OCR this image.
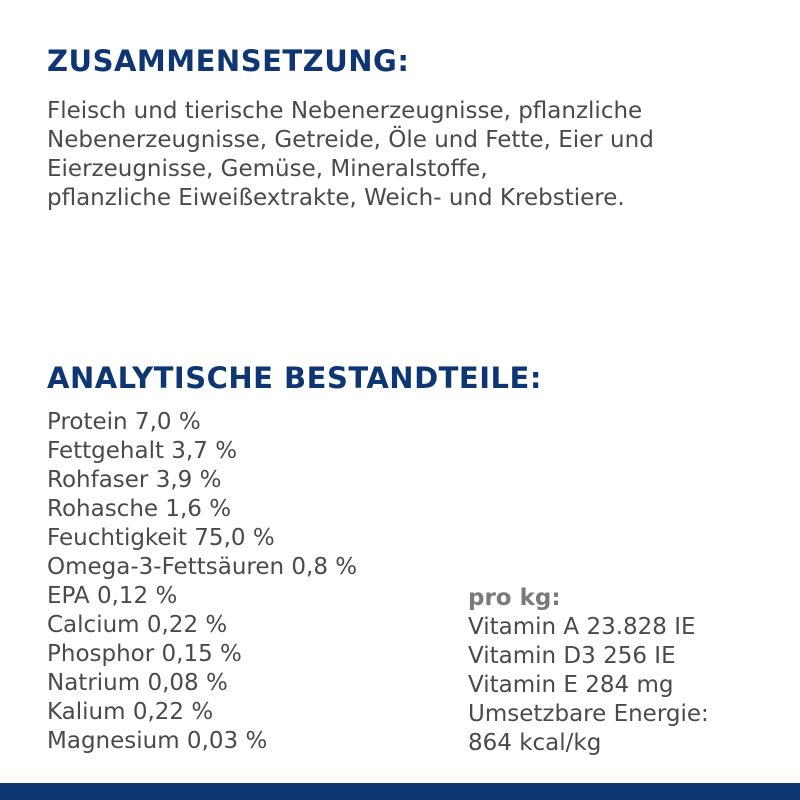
ZUSAMMENSETZUNG:
Fleisch und tierische Nebenerzeugnisse, pflanzliche
Nebenerzeugnisse, Getreide, Öle und Fette, Eier und
Eierzeugnisse, Gemüse, Mineralstoffe,
pflanzliche Eiweißextrakte, Weich- und Krebstiere.
ANALYTISCHE BESTANDTEILE:
Protein 7,0 %
Fettgehalt 3,7 %
Rohfaser 3,9 %
Rohasche 1,6 %
Feuchtigkeit 75,0 %
Omega-3-Fettsäuren 0,8 %
EPA 0,12 %
Calcium 0,22 %
Phosphor 0,15 %
Natrium 0,08 %
Kalium 0,22 %
Magnesium 0,03 %
pro kg:
Vitamin A 23.828 IE
Vitamin D3 256 IE
Vitamin E 284 mg
Umsetzbare Energie:
864 kcal/kg
